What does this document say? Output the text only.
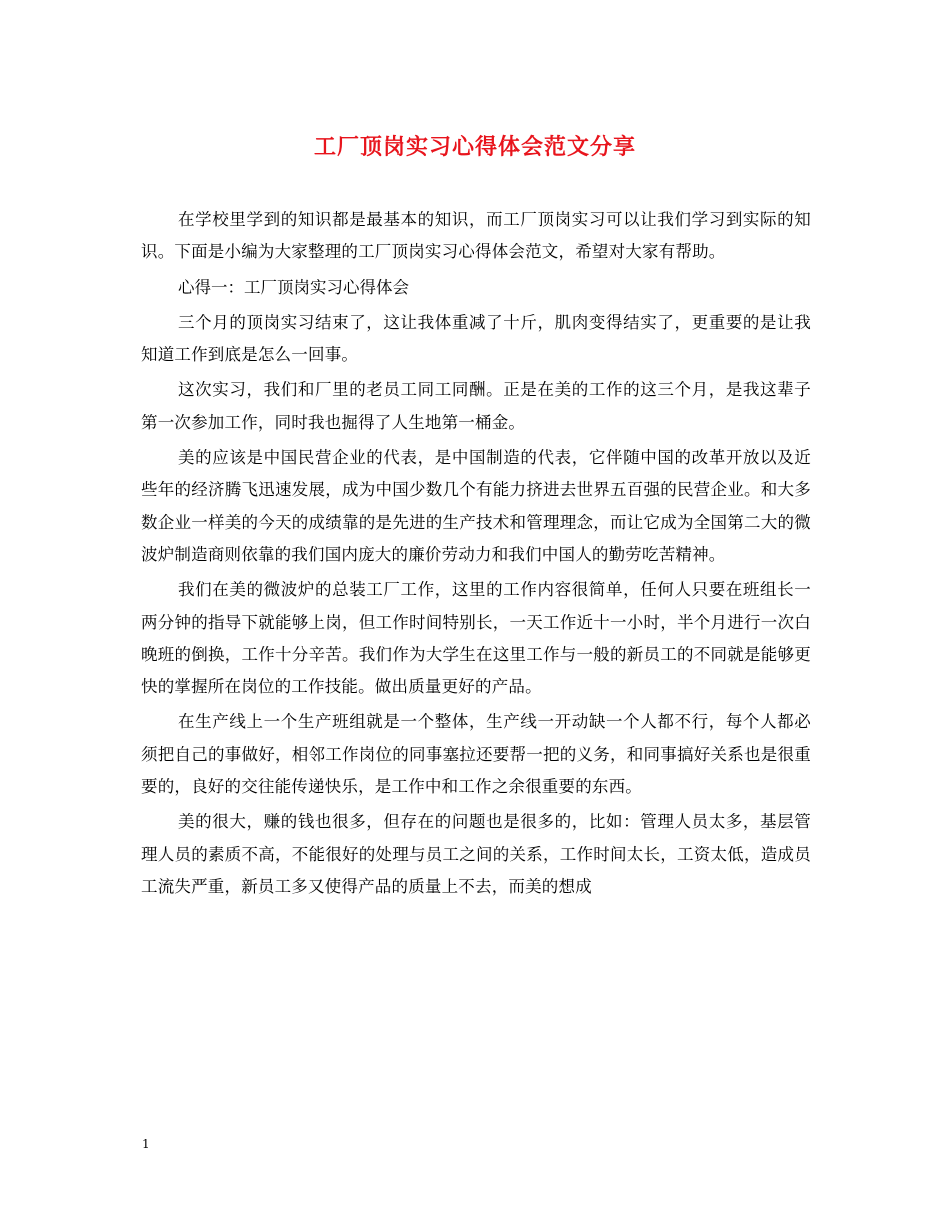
工厂顶岗实习心得体会范文分享

在学校里学到的知识都是最基本的知识，而工厂顶岗实习可以让我们学习到实际的知识。下面是小编为大家整理的工厂顶岗实习心得体会范文，希望对大家有帮助。

心得一：工厂顶岗实习心得体会

三个月的顶岗实习结束了，这让我体重减了十斤，肌肉变得结实了，更重要的是让我知道工作到底是怎么一回事。

这次实习，我们和厂里的老员工同工同酬。正是在美的工作的这三个月，是我这辈子第一次参加工作，同时我也掘得了人生地第一桶金。

美的应该是中国民营企业的代表，是中国制造的代表，它伴随中国的改革开放以及近些年的经济腾飞迅速发展，成为中国少数几个有能力挤进去世界五百强的民营企业。和大多数企业一样美的今天的成绩靠的是先进的生产技术和管理理念，而让它成为全国第二大的微波炉制造商则依靠的我们国内庞大的廉价劳动力和我们中国人的勤劳吃苦精神。

我们在美的微波炉的总装工厂工作，这里的工作内容很简单，任何人只要在班组长一两分钟的指导下就能够上岗，但工作时间特别长，一天工作近十一小时，半个月进行一次白晚班的倒换，工作十分辛苦。我们作为大学生在这里工作与一般的新员工的不同就是能够更快的掌握所在岗位的工作技能。做出质量更好的产品。

在生产线上一个生产班组就是一个整体，生产线一开动缺一个人都不行，每个人都必须把自己的事做好，相邻工作岗位的同事塞拉还要帮一把的义务，和同事搞好关系也是很重要的，良好的交往能传递快乐，是工作中和工作之余很重要的东西。

美的很大，赚的钱也很多，但存在的问题也是很多的，比如：管理人员太多，基层管理人员的素质不高，不能很好的处理与员工之间的关系，工作时间太长，工资太低，造成员工流失严重，新员工多又使得产品的质量上不去，而美的想成

1
